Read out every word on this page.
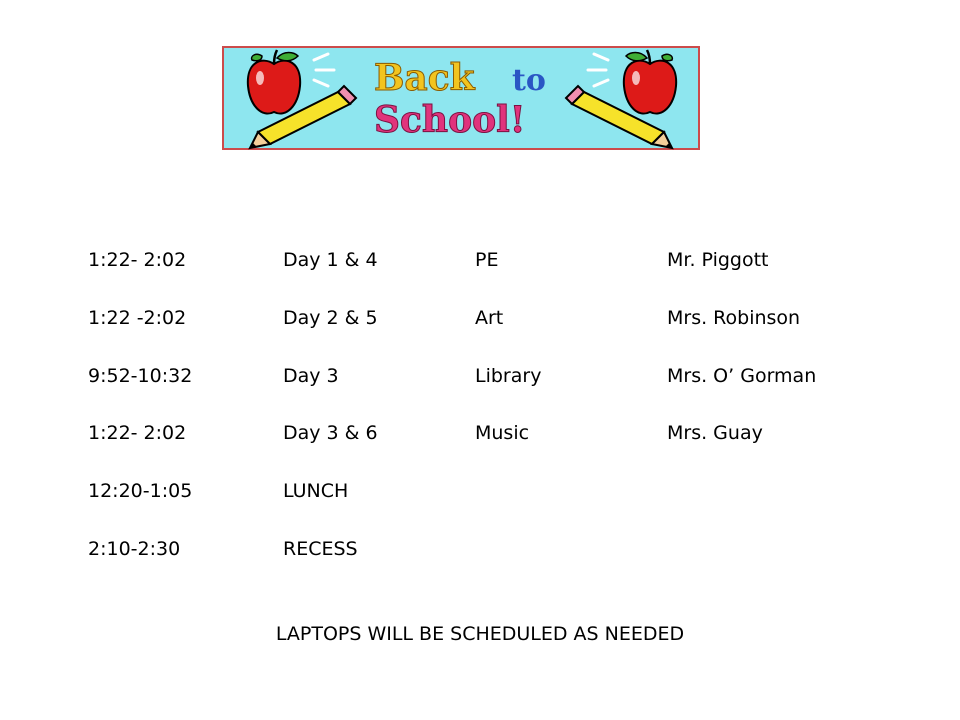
Back to
School!
1:22- 2:02	Day 1 & 4	PE	Mr. Piggott
1:22 -2:02	Day 2 & 5	Art	Mrs. Robinson
9:52-10:32	Day 3	Library	Mrs. O’ Gorman
1:22- 2:02	Day 3 & 6	Music	Mrs. Guay
12:20-1:05	LUNCH
2:10-2:30	RECESS
LAPTOPS WILL BE SCHEDULED AS NEEDED
